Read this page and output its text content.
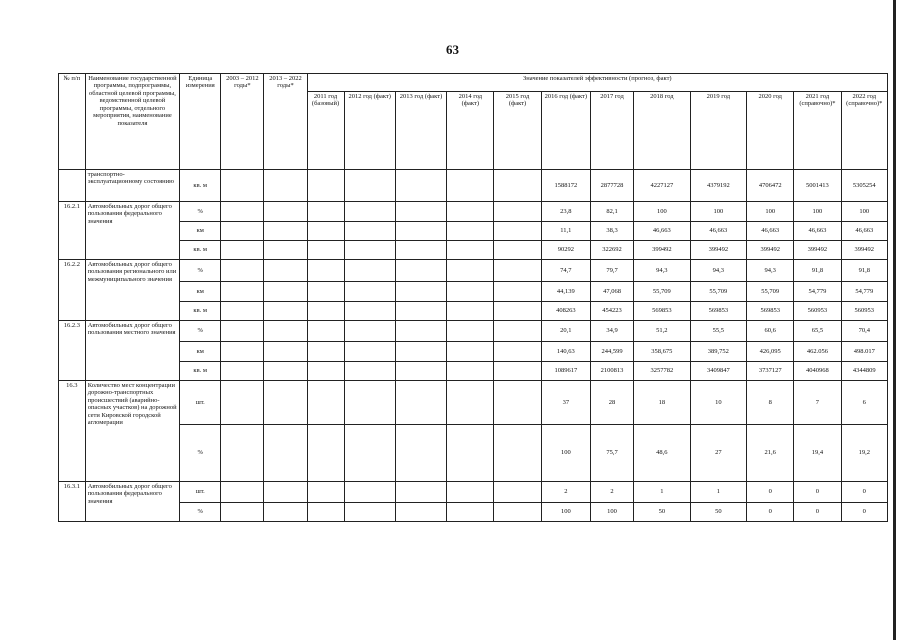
63
№ п/п	Наименование государственной программы, подпрограммы, областной целевой программы, ведомственной целевой программы, отдельного мероприятия, наименование показателя	Единица измерения	2003 – 2012 годы*	2013 – 2022 годы*	Значение показателей эффективности (прогноз, факт)											
					2011 год (базовый)	2012 год (факт)	2013 год (факт)	2014 год (факт)	2015 год (факт)	2016 год (факт)	2017 год	2018 год	2019 год	2020 год	2021 год (справочно)*	2022 год (справочно)*
	транспортно-эксплуатационному состоянию	кв. м								1588172	2877728	4227127	4379192	4706472	5001413	5305254
16.2.1	Автомобильных дорог общего пользования федерального значения	%								23,8	82,1	100	100	100	100	100
		км								11,1	38,3	46,663	46,663	46,663	46,663	46,663
		кв. м								90292	322692	399492	399492	399492	399492	399492
16.2.2	Автомобильных дорог общего пользования регионального или межмуниципального значения	%								74,7	79,7	94,3	94,3	94,3	91,8	91,8
		км								44,139	47,068	55,709	55,709	55,709	54,779	54,779
		кв. м								408263	454223	569853	569853	569853	560953	560953
16.2.3	Автомобильных дорог общего пользования местного значения	%								20,1	34,9	51,2	55,5	60,6	65,5	70,4
		км								140,63	244,599	358,675	389,752	426,095	462.056	498.017
		кв. м								1089617	2100813	3257782	3409847	3737127	4040968	4344809
16.3	Количество мест концентрации дорожно-транспортных происшествий (аварийно-опасных участков) на дорожной сети Кировской городской агломерации	шт.								37	28	18	10	8	7	6
		%								100	75,7	48,6	27	21,6	19,4	19,2
16.3.1	Автомобильных дорог общего пользования федерального значения	шт.								2	2	1	1	0	0	0
		%								100	100	50	50	0	0	0
